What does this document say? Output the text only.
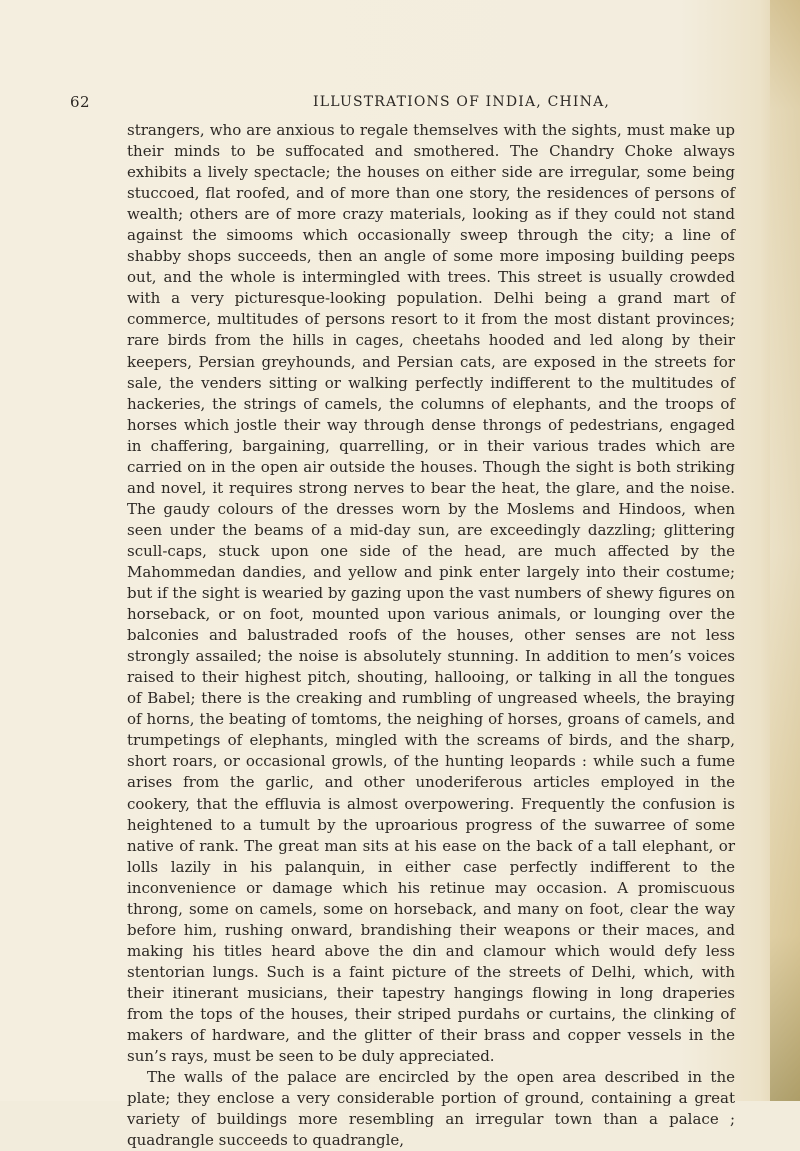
62	ILLUSTRATIONS OF INDIA, CHINA,

strangers, who are anxious to regale themselves with the sights, must make up their minds to be suffocated and smothered. The Chandry Choke always exhibits a lively spectacle; the houses on either side are irregular, some being stuccoed, flat roofed, and of more than one story, the residences of persons of wealth; others are of more crazy materials, looking as if they could not stand against the simooms which occasionally sweep through the city; a line of shabby shops succeeds, then an angle of some more imposing building peeps out, and the whole is intermingled with trees. This street is usually crowded with a very picturesque-looking population. Delhi being a grand mart of commerce, multitudes of persons resort to it from the most distant provinces; rare birds from the hills in cages, cheetahs hooded and led along by their keepers, Persian greyhounds, and Persian cats, are exposed in the streets for sale, the venders sitting or walking perfectly indifferent to the multitudes of hackeries, the strings of camels, the columns of elephants, and the troops of horses which jostle their way through dense throngs of pedestrians, engaged in chaffering, bargaining, quarrelling, or in their various trades which are carried on in the open air outside the houses. Though the sight is both striking and novel, it requires strong nerves to bear the heat, the glare, and the noise. The gaudy colours of the dresses worn by the Moslems and Hindoos, when seen under the beams of a mid-day sun, are exceedingly dazzling; glittering scull-caps, stuck upon one side of the head, are much affected by the Mahommedan dandies, and yellow and pink enter largely into their costume; but if the sight is wearied by gazing upon the vast numbers of shewy figures on horseback, or on foot, mounted upon various animals, or lounging over the balconies and balustraded roofs of the houses, other senses are not less strongly assailed; the noise is absolutely stunning. In addition to men’s voices raised to their highest pitch, shouting, hallooing, or talking in all the tongues of Babel; there is the creaking and rumbling of ungreased wheels, the braying of horns, the beating of tomtoms, the neighing of horses, groans of camels, and trumpetings of elephants, mingled with the screams of birds, and the sharp, short roars, or occasional growls, of the hunting leopards : while such a fume arises from the garlic, and other unoderiferous articles employed in the cookery, that the effluvia is almost overpowering. Frequently the confusion is heightened to a tumult by the uproarious progress of the suwarree of some native of rank. The great man sits at his ease on the back of a tall elephant, or lolls lazily in his palanquin, in either case perfectly indifferent to the inconvenience or damage which his retinue may occasion. A promiscuous throng, some on camels, some on horseback, and many on foot, clear the way before him, rushing onward, brandishing their weapons or their maces, and making his titles heard above the din and clamour which would defy less stentorian lungs. Such is a faint picture of the streets of Delhi, which, with their itinerant musicians, their tapestry hangings flowing in long draperies from the tops of the houses, their striped purdahs or curtains, the clinking of makers of hardware, and the glitter of their brass and copper vessels in the sun’s rays, must be seen to be duly appreciated.

The walls of the palace are encircled by the open area described in the plate; they enclose a very considerable portion of ground, containing a great variety of buildings more resembling an irregular town than a palace ; quadrangle succeeds to quadrangle,
